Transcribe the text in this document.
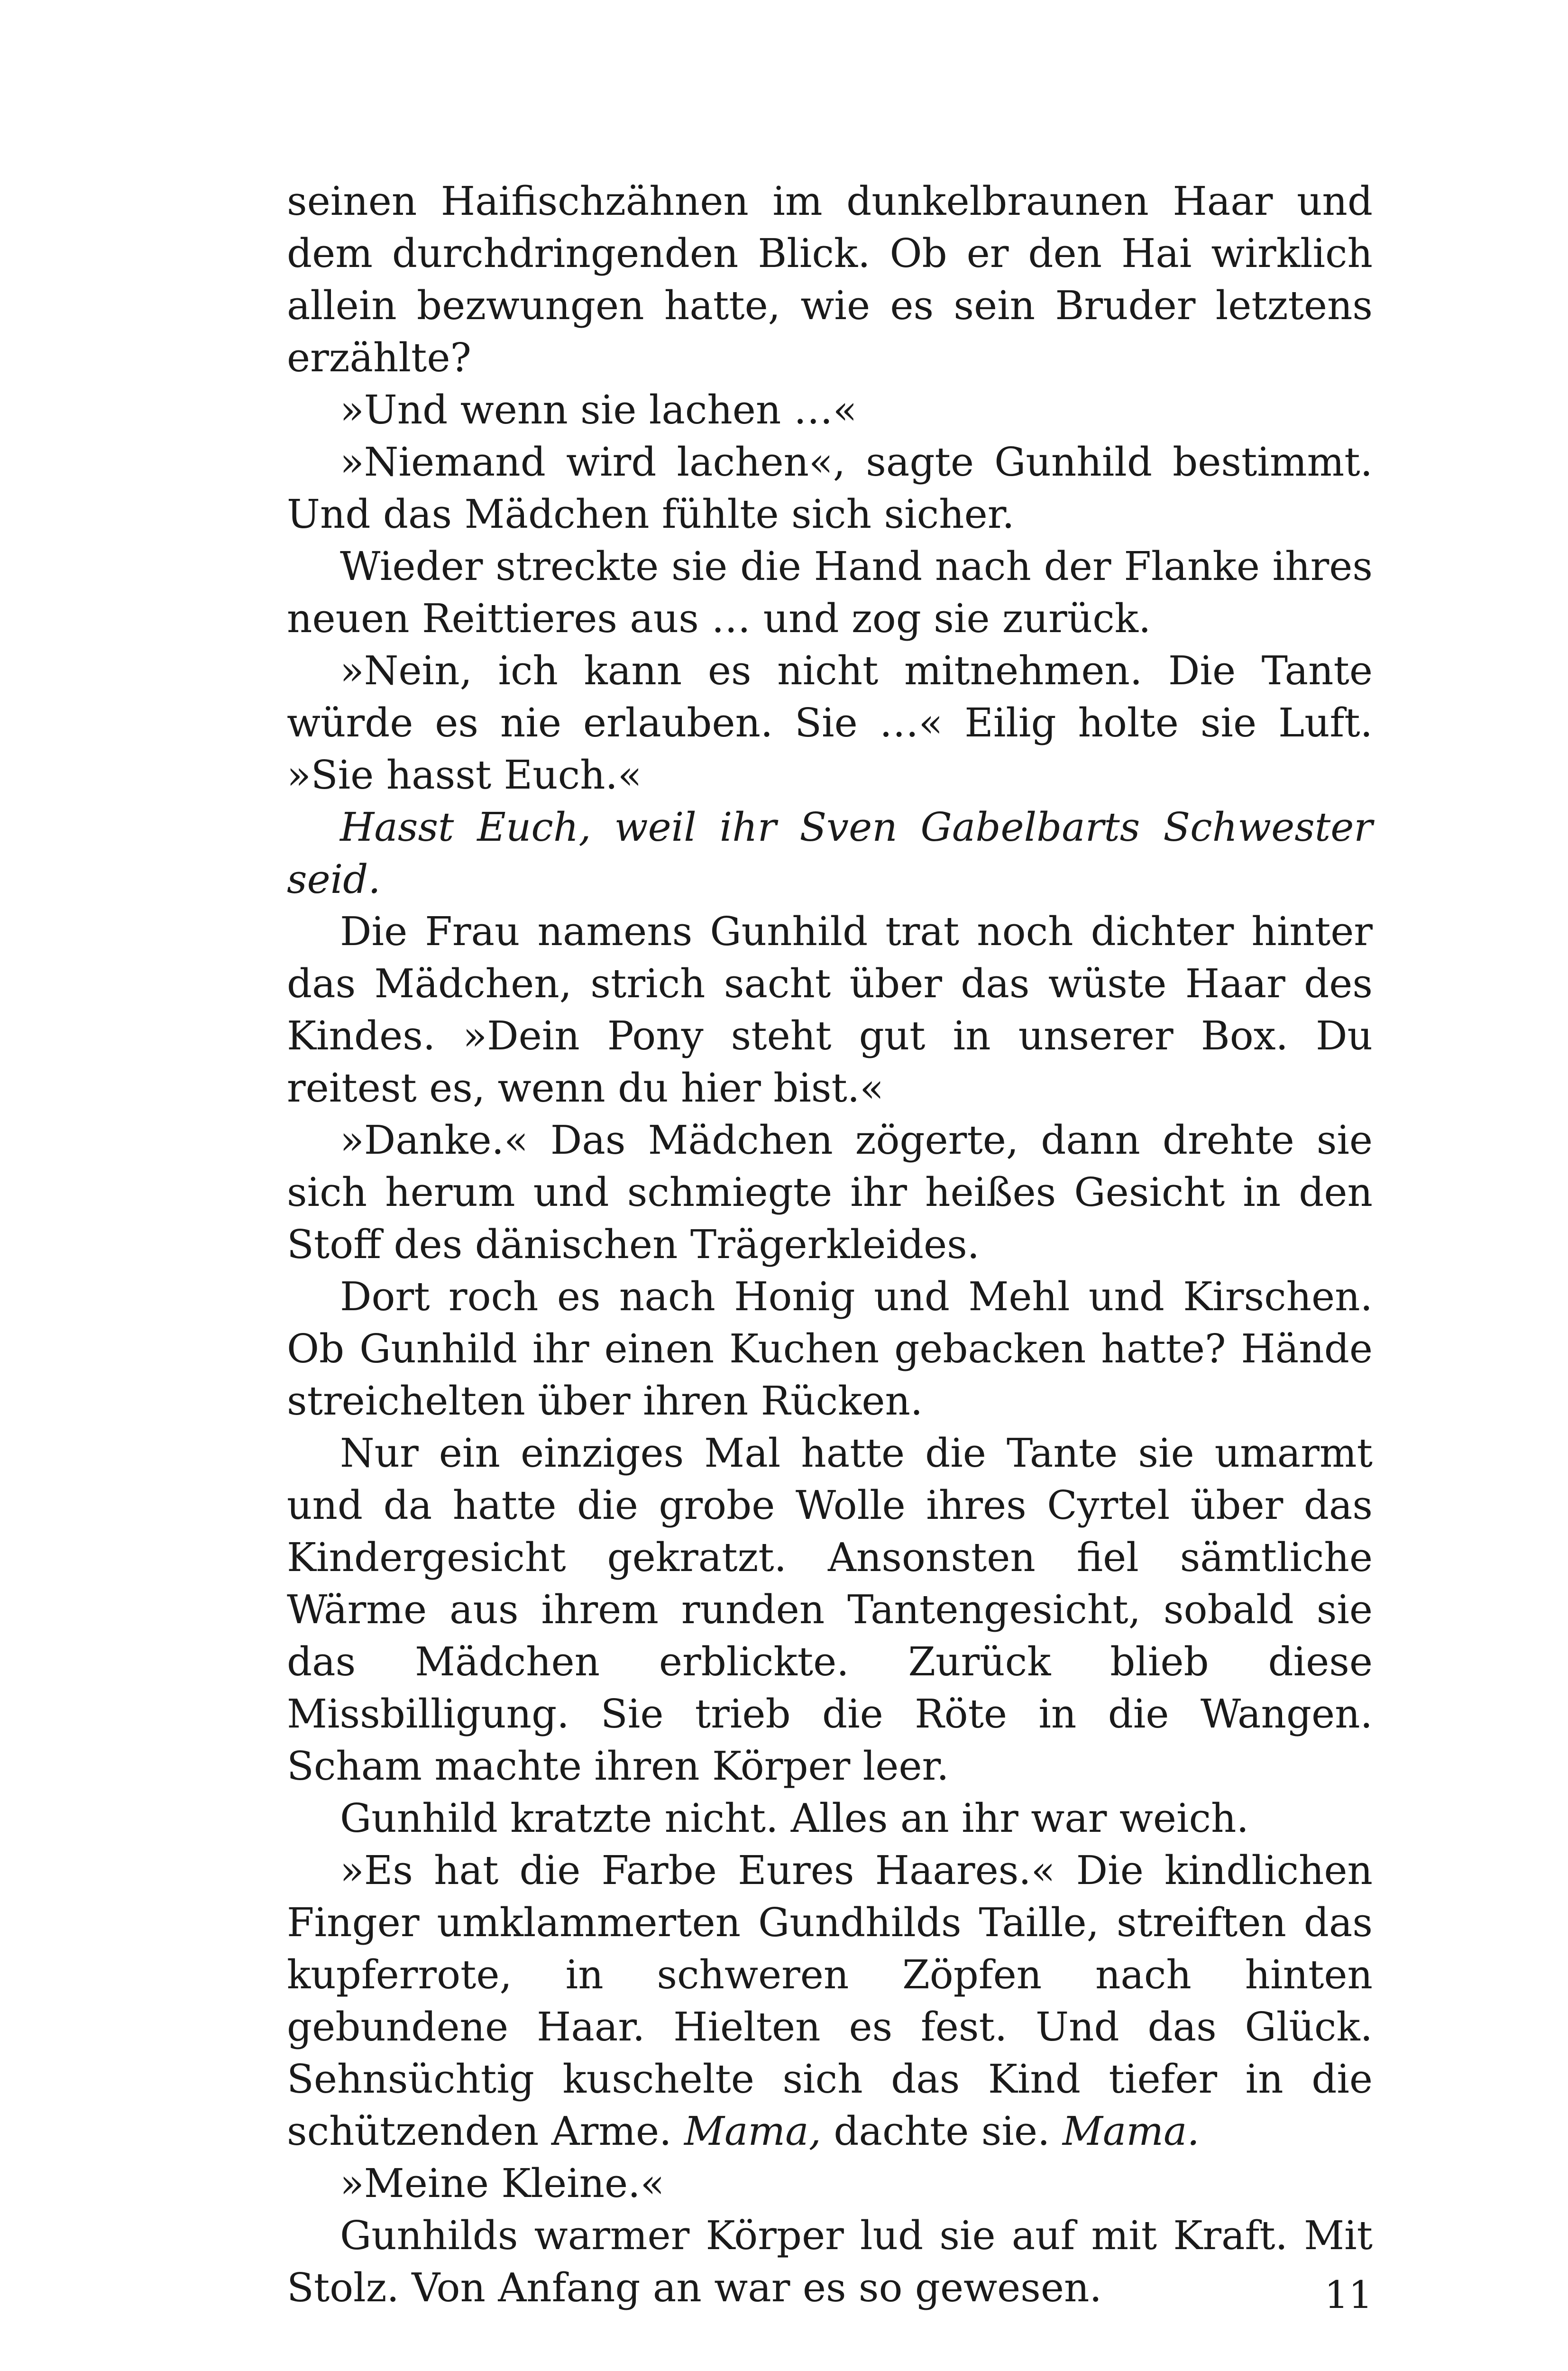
seinen Haifischzähnen im dunkelbraunen Haar und dem durchdringenden Blick. Ob er den Hai wirklich allein bezwungen hatte, wie es sein Bruder letztens erzählte?

»Und wenn sie lachen …«

»Niemand wird lachen«, sagte Gunhild bestimmt. Und das Mädchen fühlte sich sicher.

Wieder streckte sie die Hand nach der Flanke ihres neuen Reittieres aus … und zog sie zurück.

»Nein, ich kann es nicht mitnehmen. Die Tante würde es nie erlauben. Sie …« Eilig holte sie Luft. »Sie hasst Euch.«

Hasst Euch, weil ihr Sven Gabelbarts Schwester seid.

Die Frau namens Gunhild trat noch dichter hinter das Mädchen, strich sacht über das wüste Haar des Kindes. »Dein Pony steht gut in unserer Box. Du reitest es, wenn du hier bist.«

»Danke.« Das Mädchen zögerte, dann drehte sie sich herum und schmiegte ihr heißes Gesicht in den Stoff des dänischen Trägerkleides.

Dort roch es nach Honig und Mehl und Kirschen. Ob Gunhild ihr einen Kuchen gebacken hatte? Hände streichelten über ihren Rücken.

Nur ein einziges Mal hatte die Tante sie umarmt und da hatte die grobe Wolle ihres Cyrtel über das Kindergesicht gekratzt. Ansonsten fiel sämtliche Wärme aus ihrem runden Tantengesicht, sobald sie das Mädchen erblickte. Zurück blieb diese Missbilligung. Sie trieb die Röte in die Wangen. Scham machte ihren Körper leer.

Gunhild kratzte nicht. Alles an ihr war weich.

»Es hat die Farbe Eures Haares.« Die kindlichen Finger umklammerten Gundhilds Taille, streiften das kupferrote, in schweren Zöpfen nach hinten gebundene Haar. Hielten es fest. Und das Glück. Sehnsüchtig kuschelte sich das Kind tiefer in die schützenden Arme. Mama, dachte sie. Mama.

»Meine Kleine.«

Gunhilds warmer Körper lud sie auf mit Kraft. Mit Stolz. Von Anfang an war es so gewesen.	11
